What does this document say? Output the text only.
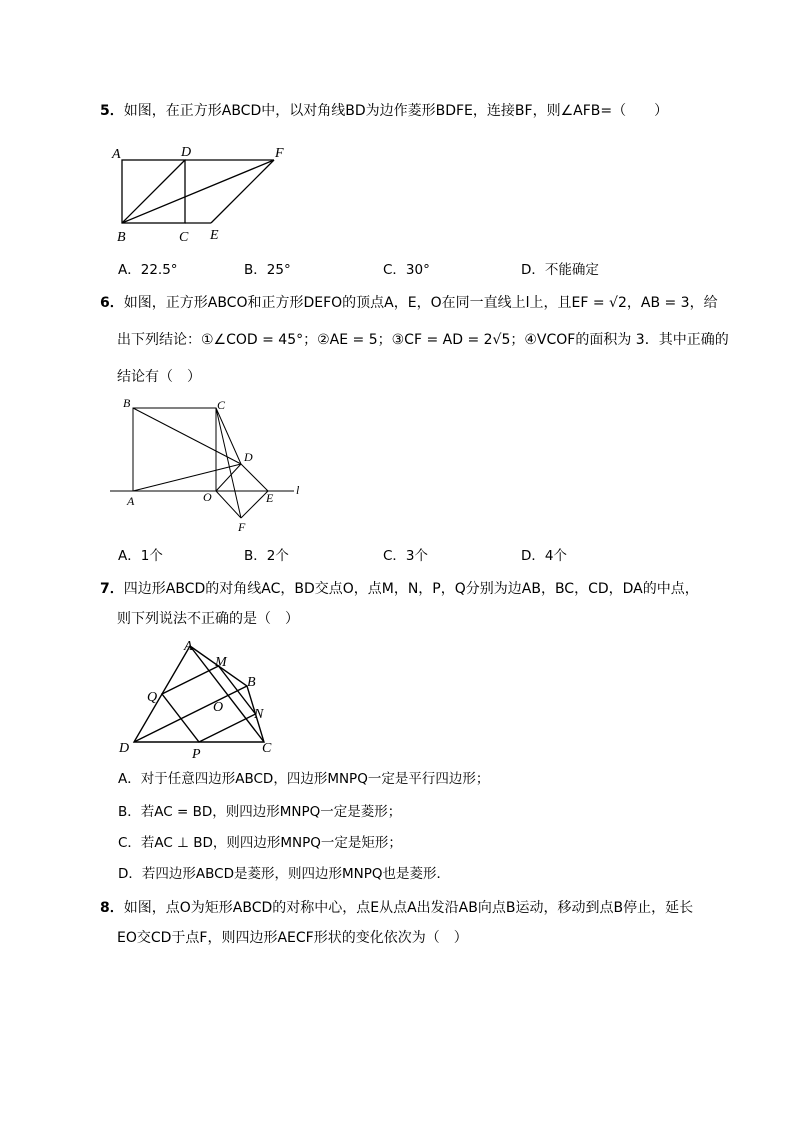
5．如图，在正方形ABCD中，以对角线BD为边作菱形BDFE，连接BF，则∠AFB=（　　）
A	D	F
B	C E
A．22.5°	B．25°	C．30°	D．不能确定
6．如图，正方形ABCO和正方形DEFO的顶点A，E，O在同一直线上l上，且EF = √2，AB = 3，给
出下列结论：①∠COD = 45°；②AE = 5；③CF = AD = 2√5；④VCOF的面积为 3．其中正确的
结论有（　）
B	C
D
A	O	E
F
l
A．1个	B．2个	C．3个	D．4个
7．四边形ABCD的对角线AC，BD交点O，点M，N，P，Q分别为边AB，BC，CD，DA的中点，
则下列说法不正确的是（　）
A
M
B
Q
O N
D	P	C
A．对于任意四边形ABCD，四边形MNPQ一定是平行四边形；
B．若AC = BD，则四边形MNPQ一定是菱形；
C．若AC ⊥ BD，则四边形MNPQ一定是矩形；
D．若四边形ABCD是菱形，则四边形MNPQ也是菱形．
8．如图，点O为矩形ABCD的对称中心，点E从点A出发沿AB向点B运动，移动到点B停止，延长
EO交CD于点F，则四边形AECF形状的变化依次为（　）
